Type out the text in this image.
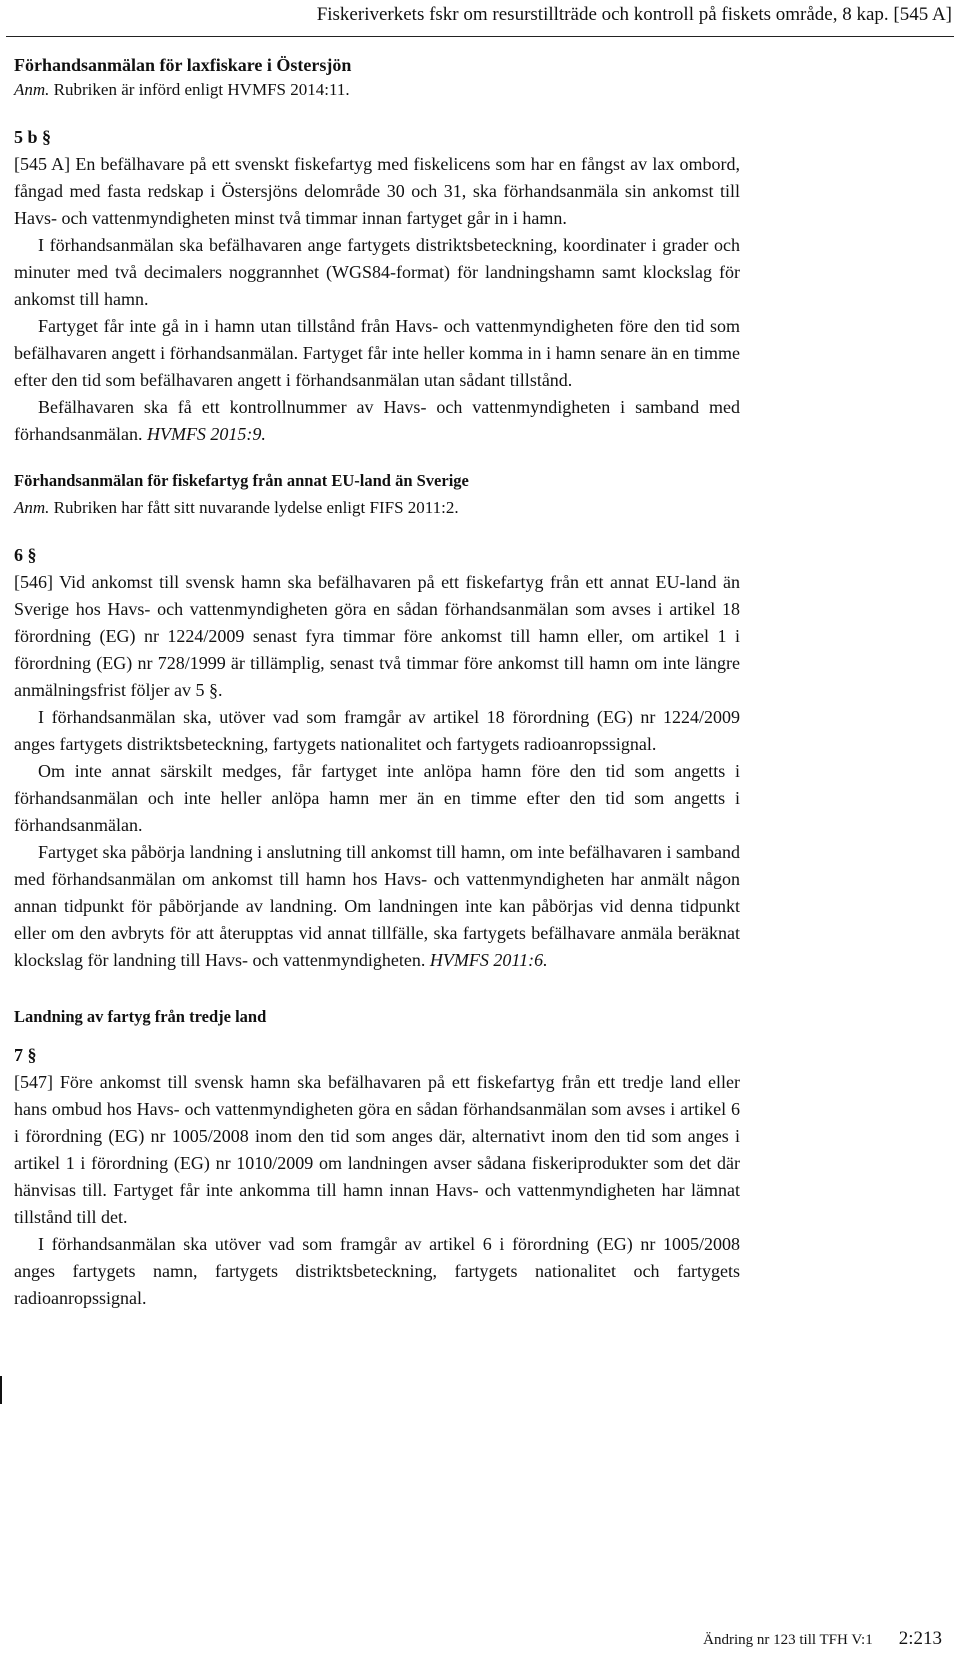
Fiskeriverkets fskr om resurstillträde och kontroll på fiskets område, 8 kap. [545 A]
Förhandsanmälan för laxfiskare i Östersjön
Anm. Rubriken är införd enligt HVMFS 2014:11.
5 b §

[545 A] En befälhavare på ett svenskt fiskefartyg med fiskelicens som har en fångst av lax ombord, fångad med fasta redskap i Östersjöns delområde 30 och 31, ska förhandsanmäla sin ankomst till Havs- och vattenmyndigheten minst två timmar innan fartyget går in i hamn.

I förhandsanmälan ska befälhavaren ange fartygets distriktsbeteckning, koordinater i grader och minuter med två decimalers noggrannhet (WGS84-format) för landningshamn samt klockslag för ankomst till hamn.

Fartyget får inte gå in i hamn utan tillstånd från Havs- och vattenmyndigheten före den tid som befälhavaren angett i förhandsanmälan. Fartyget får inte heller komma in i hamn senare än en timme efter den tid som befälhavaren angett i förhandsanmälan utan sådant tillstånd.

Befälhavaren ska få ett kontrollnummer av Havs- och vattenmyndigheten i samband med förhandsanmälan. HVMFS 2015:9.

Förhandsanmälan för fiskefartyg från annat EU-land än Sverige
Anm. Rubriken har fått sitt nuvarande lydelse enligt FIFS 2011:2.
6 §

[546] Vid ankomst till svensk hamn ska befälhavaren på ett fiskefartyg från ett annat EU-land än Sverige hos Havs- och vattenmyndigheten göra en sådan förhandsanmälan som avses i artikel 18 förordning (EG) nr 1224/2009 senast fyra timmar före ankomst till hamn eller, om artikel 1 i förordning (EG) nr 728/1999 är tillämplig, senast två timmar före ankomst till hamn om inte längre anmälningsfrist följer av 5 §.

I förhandsanmälan ska, utöver vad som framgår av artikel 18 förordning (EG) nr 1224/2009 anges fartygets distriktsbeteckning, fartygets nationalitet och fartygets radioanropssignal.

Om inte annat särskilt medges, får fartyget inte anlöpa hamn före den tid som angetts i förhandsanmälan och inte heller anlöpa hamn mer än en timme efter den tid som angetts i förhandsanmälan.

Fartyget ska påbörja landning i anslutning till ankomst till hamn, om inte befälhavaren i samband med förhandsanmälan om ankomst till hamn hos Havs- och vattenmyndigheten har anmält någon annan tidpunkt för påbörjande av landning. Om landningen inte kan påbörjas vid denna tidpunkt eller om den avbryts för att återupptas vid annat tillfälle, ska fartygets befälhavare anmäla beräknat klockslag för landning till Havs- och vattenmyndigheten. HVMFS 2011:6.

Landning av fartyg från tredje land
7 §

[547] Före ankomst till svensk hamn ska befälhavaren på ett fiskefartyg från ett tredje land eller hans ombud hos Havs- och vattenmyndigheten göra en sådan förhandsanmälan som avses i artikel 6 i förordning (EG) nr 1005/2008 inom den tid som anges där, alternativt inom den tid som anges i artikel 1 i förordning (EG) nr 1010/2009 om landningen avser sådana fiskeriprodukter som det där hänvisas till. Fartyget får inte ankomma till hamn innan Havs- och vattenmyndigheten har lämnat tillstånd till det.

I förhandsanmälan ska utöver vad som framgår av artikel 6 i förordning (EG) nr 1005/2008 anges fartygets namn, fartygets distriktsbeteckning, fartygets nationalitet och fartygets radioanropssignal.

Ändring nr 123 till TFH V:1 2:213
